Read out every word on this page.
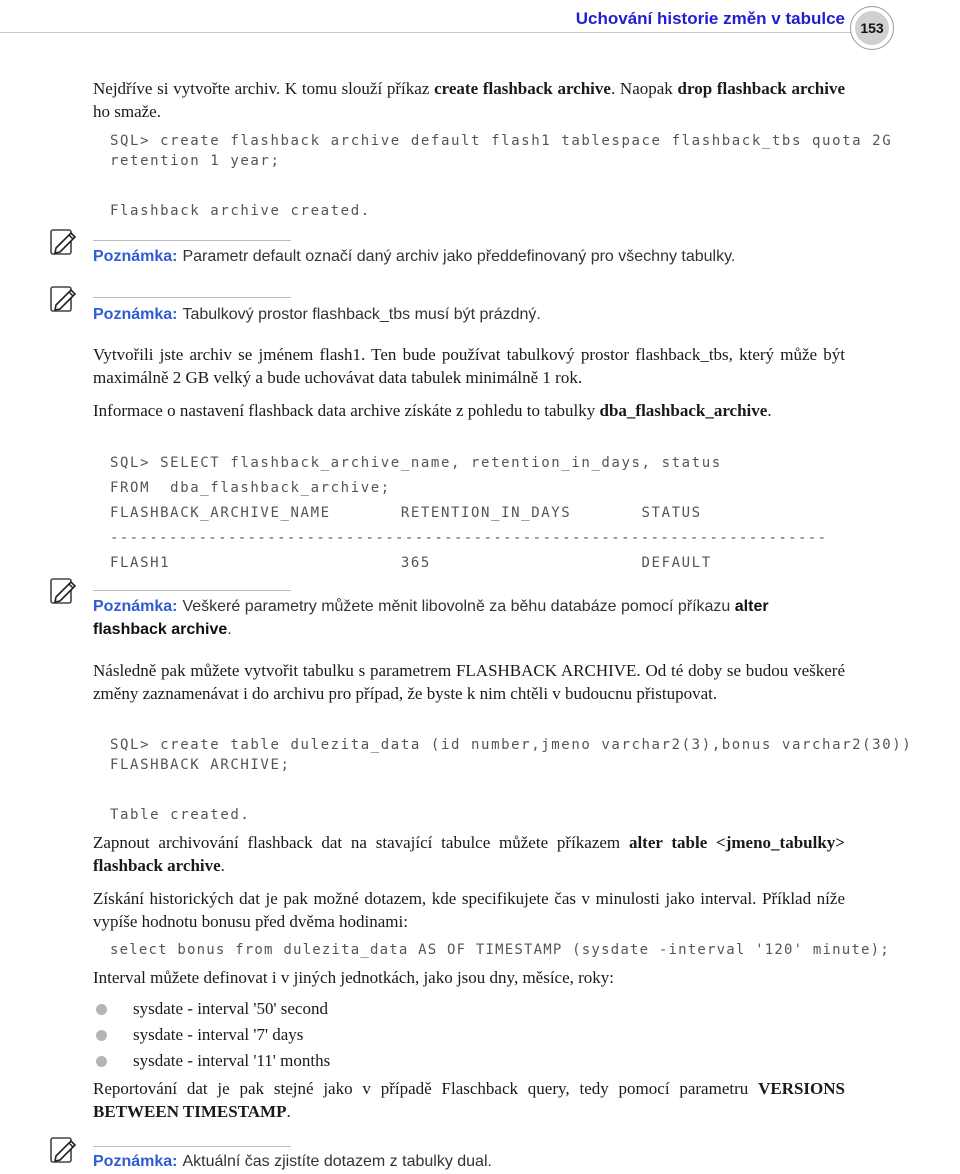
Uchování historie změn v tabulce	153

Nejdříve si vytvořte archiv. K tomu slouží příkaz create flashback archive. Naopak drop flashback archive ho smaže.

SQL> create flashback archive default flash1 tablespace flashback_tbs quota 2G
retention 1 year;
Flashback archive created.
Poznámka: Parametr default označí daný archiv jako předdefinovaný pro všechny tabulky.
Poznámka: Tabulkový prostor flashback_tbs musí být prázdný.

Vytvořili jste archiv se jménem flash1. Ten bude používat tabulkový prostor flashback_tbs, který může být maximálně 2 GB velký a bude uchovávat data tabulek minimálně 1 rok.

Informace o nastavení flashback data archive získáte z pohledu to tabulky dba_flashback_archive.

SQL> SELECT flashback_archive_name, retention_in_days, status
FROM  dba_flashback_archive;
FLASHBACK_ARCHIVE_NAME       RETENTION_IN_DAYS       STATUS
-------------------------------------------------------------------------
FLASH1                       365                     DEFAULT
Poznámka: Veškeré parametry můžete měnit libovolně za běhu databáze pomocí příkazu alter flashback archive.

Následně pak můžete vytvořit tabulku s parametrem FLASHBACK ARCHIVE. Od té doby se budou veškeré změny zaznamenávat i do archivu pro případ, že byste k nim chtěli v budoucnu přistupovat.

SQL> create table dulezita_data (id number,jmeno varchar2(3),bonus varchar2(30))
FLASHBACK ARCHIVE;
Table created.

Zapnout archivování flashback dat na stavající tabulce můžete příkazem alter table <jmeno_tabulky> flashback archive.

Získání historických dat je pak možné dotazem, kde specifikujete čas v minulosti jako interval. Příklad níže vypíše hodnotu bonusu před dvěma hodinami:

select bonus from dulezita_data AS OF TIMESTAMP (sysdate -interval '120' minute);

Interval můžete definovat i v jiných jednotkách, jako jsou dny, měsíce, roky:

sysdate - interval '50' second
sysdate - interval '7' days
sysdate - interval '11' months

Reportování dat je pak stejné jako v případě Flaschback query, tedy pomocí parametru VERSIONS BETWEEN TIMESTAMP.

Poznámka: Aktuální čas zjistíte dotazem z tabulky dual.
